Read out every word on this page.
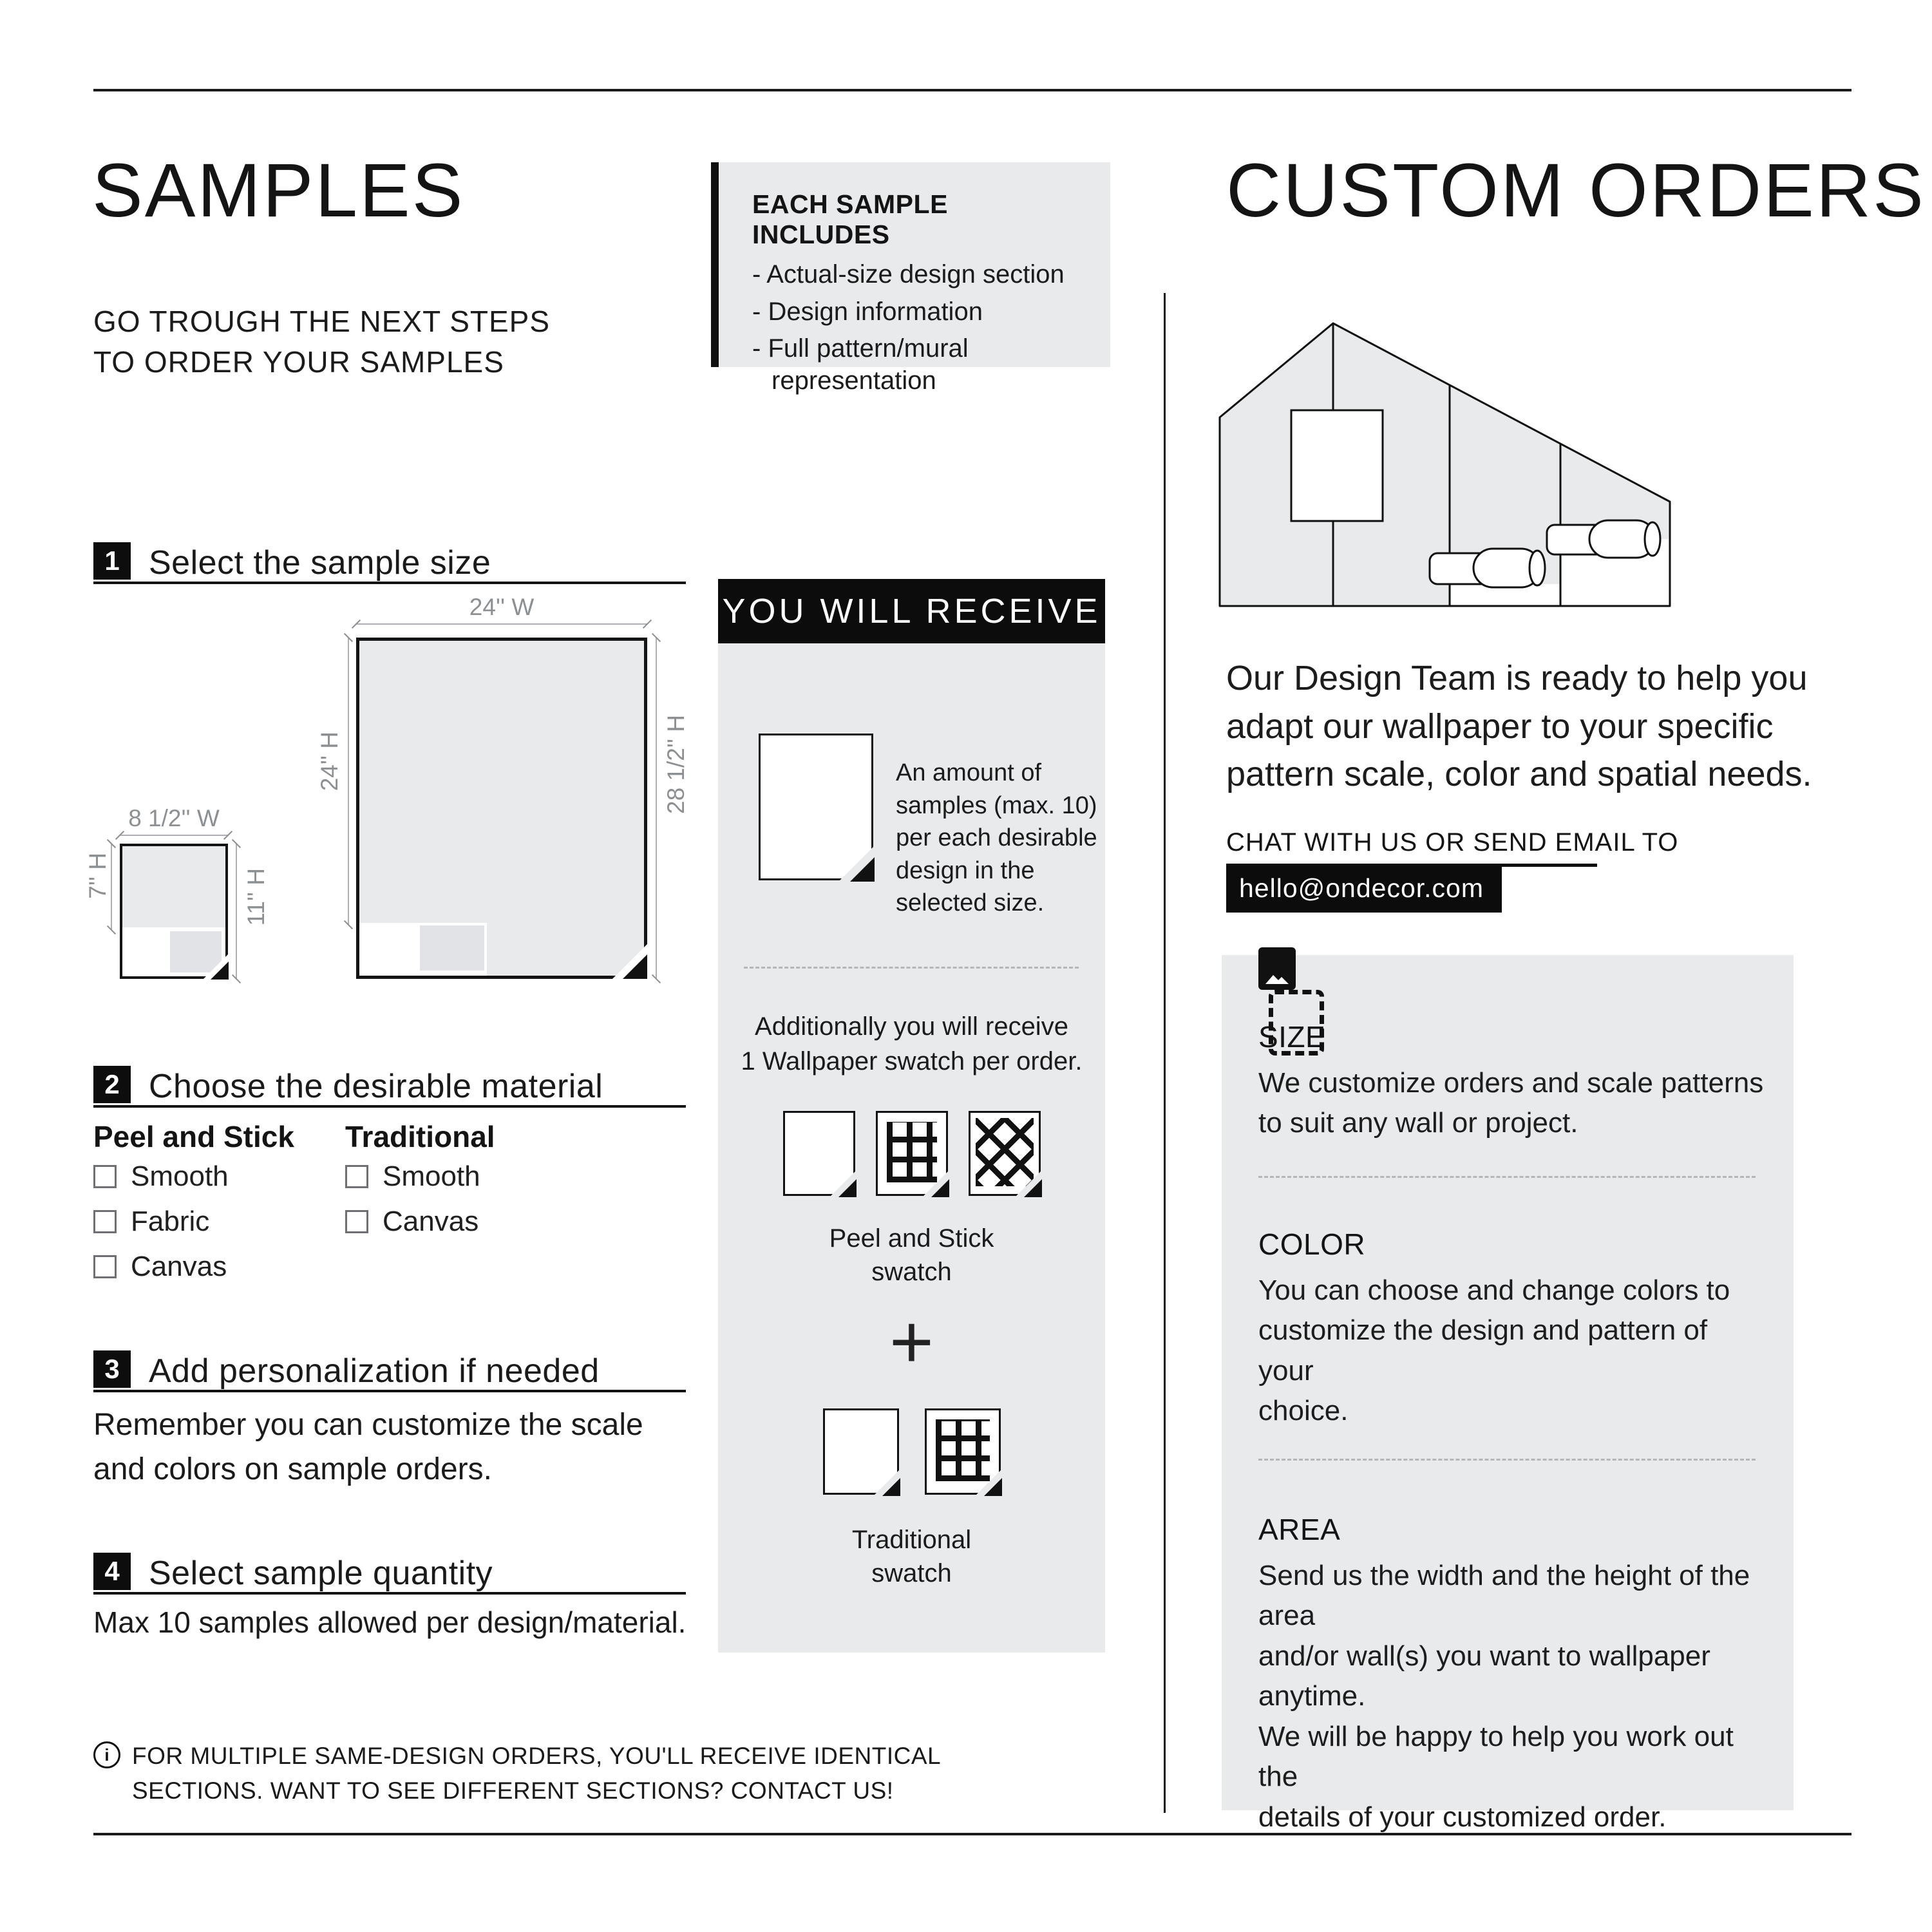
SAMPLES
GO TROUGH THE NEXT STEPS
TO ORDER YOUR SAMPLES
EACH SAMPLE INCLUDES
- Actual-size design section
- Design information
- Full pattern/mural representation
1 Select the sample size
24'' W
24'' H	28 1/2'' H
8 1/2'' W
7'' H	11'' H
2 Choose the desirable material
Peel and Stick
Smooth
Fabric
Canvas
Traditional
Smooth
Canvas
3 Add personalization if needed
Remember you can customize the scale
and colors on sample orders.
4 Select sample quantity
Max 10 samples allowed per design/material.
i
FOR MULTIPLE SAME-DESIGN ORDERS, YOU'LL RECEIVE IDENTICAL
SECTIONS. WANT TO SEE DIFFERENT SECTIONS? CONTACT US!
YOU WILL RECEIVE
An amount of
samples (max. 10)
per each desirable
design in the
selected size.
Additionally you will receive
1 Wallpaper swatch per order.
Peel and Stick
swatch
+
Traditional
swatch
CUSTOM ORDERS
Our Design Team is ready to help you
adapt our wallpaper to your specific
pattern scale, color and spatial needs.
CHAT WITH US OR SEND EMAIL TO
hello@ondecor.com
SIZE
We customize orders and scale patterns
to suit any wall or project.
COLOR
You can choose and change colors to
customize the design and pattern of your
choice.
AREA
Send us the width and the height of the area
and/or wall(s) you want to wallpaper anytime.
We will be happy to help you work out the
details of your customized order.
